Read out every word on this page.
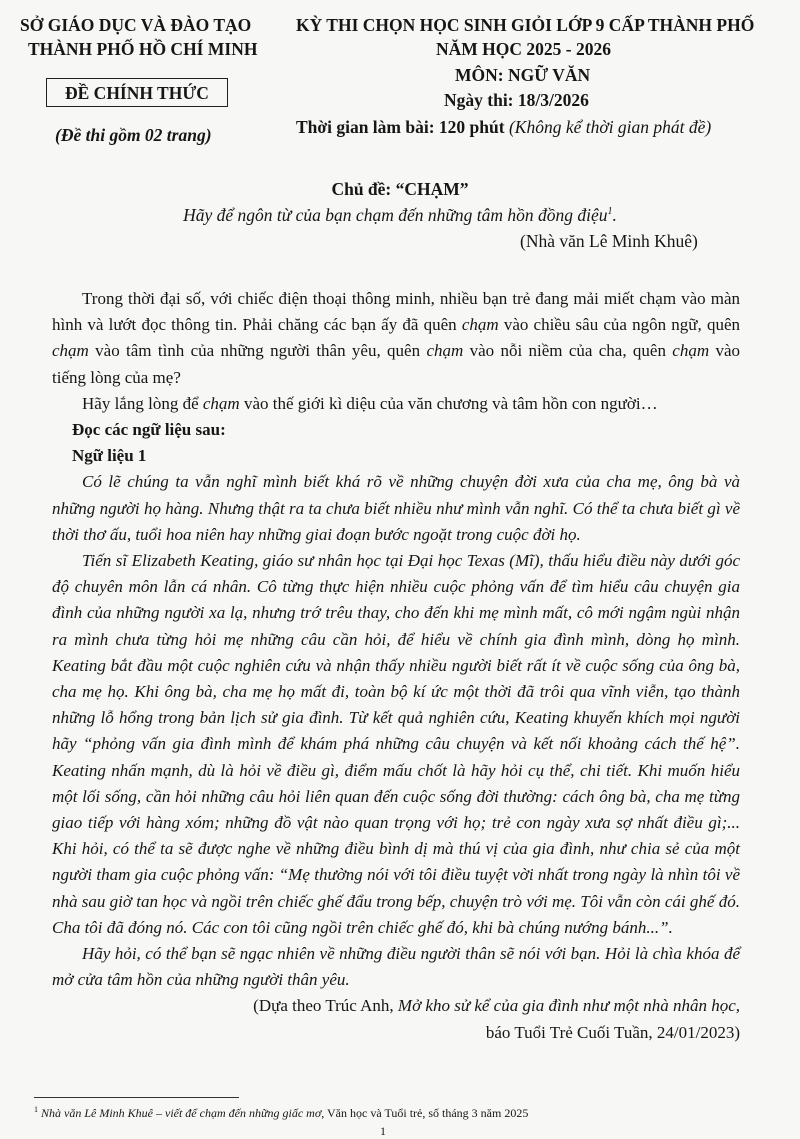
SỞ GIÁO DỤC VÀ ĐÀO TẠO
THÀNH PHỐ HỒ CHÍ MINH
ĐỀ CHÍNH THỨC
(Đề thi gồm 02 trang)
KỲ THI CHỌN HỌC SINH GIỎI LỚP 9 CẤP THÀNH PHỐ
NĂM HỌC 2025 - 2026
MÔN: NGỮ VĂN
Ngày thi: 18/3/2026
Thời gian làm bài: 120 phút (Không kể thời gian phát đề)
Chủ đề: “CHẠM”
Hãy để ngôn từ của bạn chạm đến những tâm hồn đồng điệu$^1$.
(Nhà văn Lê Minh Khuê)

Trong thời đại số, với chiếc điện thoại thông minh, nhiều bạn trẻ đang mải miết chạm vào màn hình và lướt đọc thông tin. Phải chăng các bạn ấy đã quên chạm vào chiều sâu của ngôn ngữ, quên chạm vào tâm tình của những người thân yêu, quên chạm vào nỗi niềm của cha, quên chạm vào tiếng lòng của mẹ?

Hãy lắng lòng để chạm vào thế giới kì diệu của văn chương và tâm hồn con người…

Đọc các ngữ liệu sau:

Ngữ liệu 1

Có lẽ chúng ta vẫn nghĩ mình biết khá rõ về những chuyện đời xưa của cha mẹ, ông bà và những người họ hàng. Nhưng thật ra ta chưa biết nhiều như mình vẫn nghĩ. Có thể ta chưa biết gì về thời thơ ấu, tuổi hoa niên hay những giai đoạn bước ngoặt trong cuộc đời họ.

Tiến sĩ Elizabeth Keating, giáo sư nhân học tại Đại học Texas (Mĩ), thấu hiểu điều này dưới góc độ chuyên môn lẫn cá nhân. Cô từng thực hiện nhiều cuộc phỏng vấn để tìm hiểu câu chuyện gia đình của những người xa lạ, nhưng trớ trêu thay, cho đến khi mẹ mình mất, cô mới ngậm ngùi nhận ra mình chưa từng hỏi mẹ những câu cần hỏi, để hiểu về chính gia đình mình, dòng họ mình. Keating bắt đầu một cuộc nghiên cứu và nhận thấy nhiều người biết rất ít về cuộc sống của ông bà, cha mẹ họ. Khi ông bà, cha mẹ họ mất đi, toàn bộ kí ức một thời đã trôi qua vĩnh viễn, tạo thành những lỗ hổng trong bản lịch sử gia đình. Từ kết quả nghiên cứu, Keating khuyến khích mọi người hãy “phỏng vấn gia đình mình để khám phá những câu chuyện và kết nối khoảng cách thế hệ”. Keating nhấn mạnh, dù là hỏi về điều gì, điểm mấu chốt là hãy hỏi cụ thể, chi tiết. Khi muốn hiểu một lối sống, cần hỏi những câu hỏi liên quan đến cuộc sống đời thường: cách ông bà, cha mẹ từng giao tiếp với hàng xóm; những đồ vật nào quan trọng với họ; trẻ con ngày xưa sợ nhất điều gì;... Khi hỏi, có thể ta sẽ được nghe về những điều bình dị mà thú vị của gia đình, như chia sẻ của một người tham gia cuộc phỏng vấn: “Mẹ thường nói với tôi điều tuyệt vời nhất trong ngày là nhìn tôi về nhà sau giờ tan học và ngồi trên chiếc ghế đẩu trong bếp, chuyện trò với mẹ. Tôi vẫn còn cái ghế đó. Cha tôi đã đóng nó. Các con tôi cũng ngồi trên chiếc ghế đó, khi bà chúng nướng bánh...”.

Hãy hỏi, có thể bạn sẽ ngạc nhiên về những điều người thân sẽ nói với bạn. Hỏi là chìa khóa để mở cửa tâm hồn của những người thân yêu.

(Dựa theo Trúc Anh, Mở kho sử kể của gia đình như một nhà nhân học,

báo Tuổi Trẻ Cuối Tuần, 24/01/2023)

$^1$ Nhà văn Lê Minh Khuê – viết để chạm đến những giấc mơ, Văn học và Tuổi trẻ, số tháng 3 năm 2025
1
